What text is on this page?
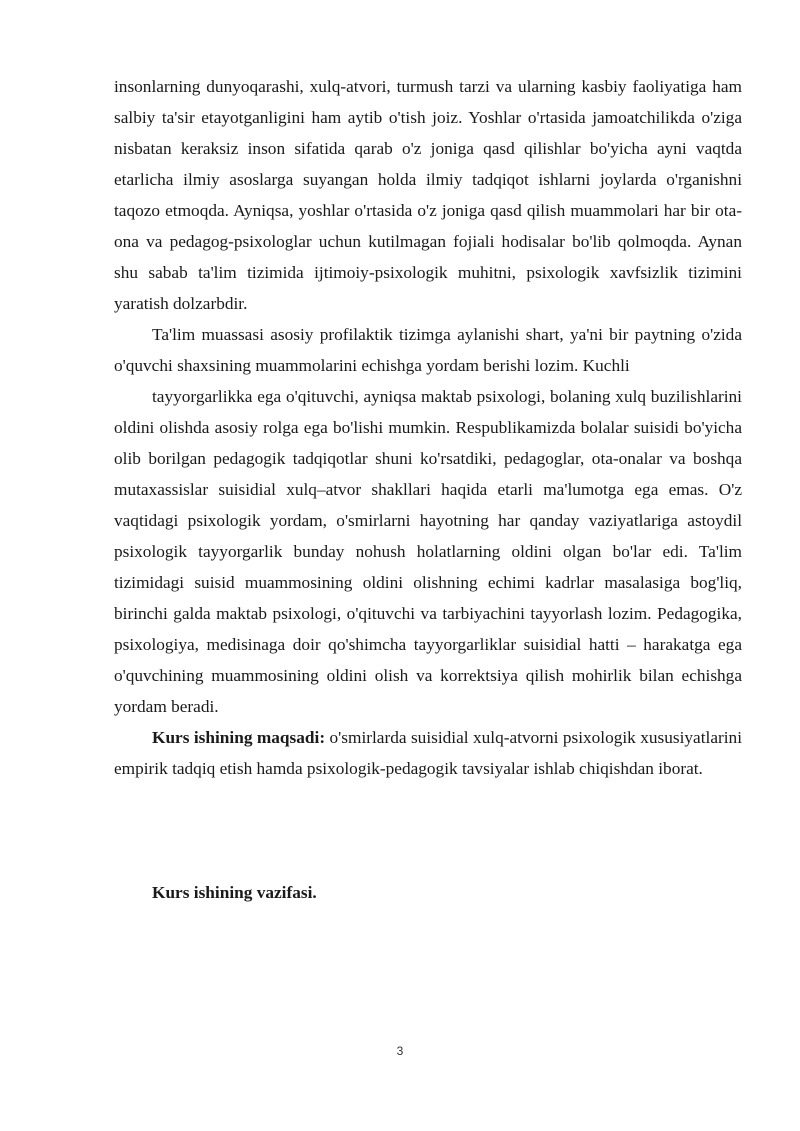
insonlarning dunyoqarashi, xulq-atvori, turmush tarzi va ularning kasbiy faoliyatiga ham salbiy ta'sir etayotganligini ham aytib o'tish joiz. Yoshlar o'rtasida jamoatchilikda o'ziga nisbatan keraksiz inson sifatida qarab o'z joniga qasd qilishlar bo'yicha ayni vaqtda etarlicha ilmiy asoslarga suyangan holda ilmiy tadqiqot ishlarni joylarda o'rganishni taqozo etmoqda. Ayniqsa, yoshlar o'rtasida o'z joniga qasd qilish muammolari har bir ota-ona va pedagog-psixologlar uchun kutilmagan fojiali hodisalar bo'lib qolmoqda. Aynan shu sabab ta'lim tizimida ijtimoiy-psixologik muhitni, psixologik xavfsizlik tizimini yaratish dolzarbdir.

Ta'lim muassasi asosiy profilaktik tizimga aylanishi shart, ya'ni bir paytning o'zida o'quvchi shaxsining muammolarini echishga yordam berishi lozim. Kuchli

tayyorgarlikka ega o'qituvchi, ayniqsa maktab psixologi, bolaning xulq buzilishlarini oldini olishda asosiy rolga ega bo'lishi mumkin. Respublikamizda bolalar suisidi bo'yicha olib borilgan pedagogik tadqiqotlar shuni ko'rsatdiki, pedagoglar, ota-onalar va boshqa mutaxassislar suisidial xulq–atvor shakllari haqida etarli ma'lumotga ega emas. O'z vaqtidagi psixologik yordam, o'smirlarni hayotning har qanday vaziyatlariga astoydil psixologik tayyorgarlik bunday nohush holatlarning oldini olgan bo'lar edi. Ta'lim tizimidagi suisid muammosining oldini olishning echimi kadrlar masalasiga bog'liq, birinchi galda maktab psixologi, o'qituvchi va tarbiyachini tayyorlash lozim. Pedagogika, psixologiya, medisinaga doir qo'shimcha tayyorgarliklar suisidial hatti – harakatga ega o'quvchining muammosining oldini olish va korrektsiya qilish mohirlik bilan echishga yordam beradi.

Kurs ishining maqsadi: o'smirlarda suisidial xulq-atvorni psixologik xususiyatlarini empirik tadqiq etish hamda psixologik-pedagogik tavsiyalar ishlab chiqishdan iborat.

Kurs ishining vazifasi.

3
